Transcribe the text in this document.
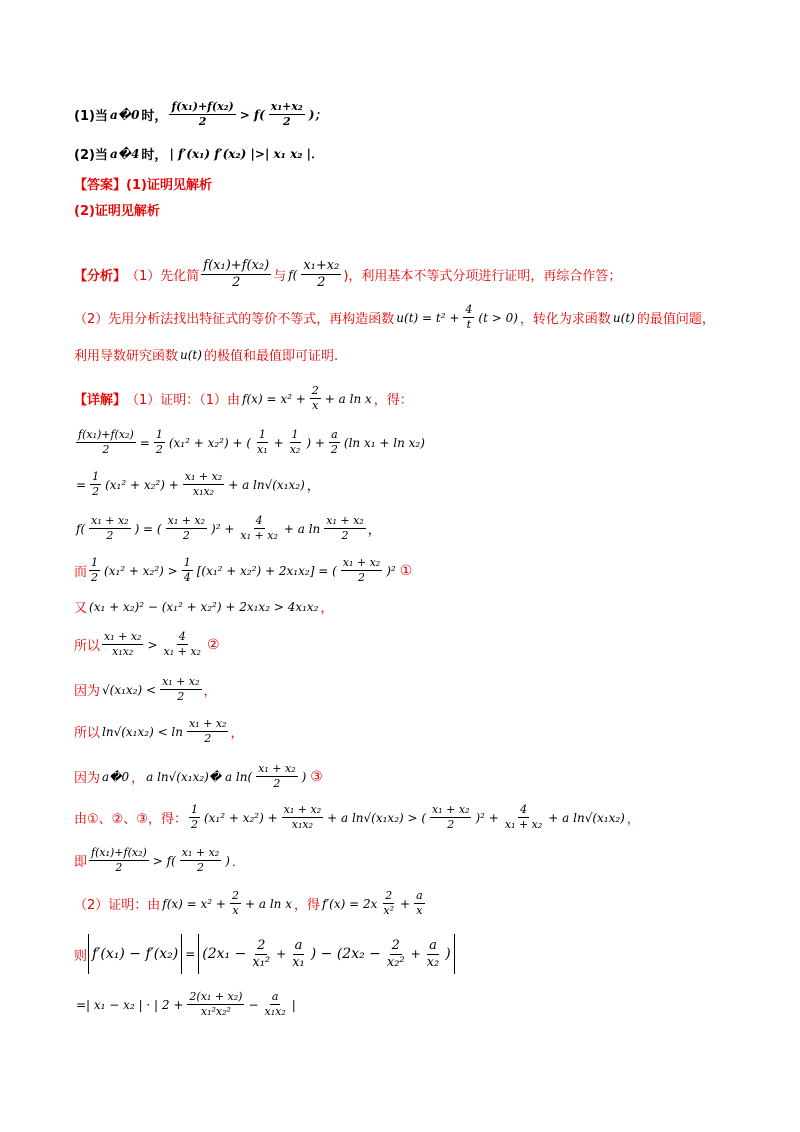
(1)当 a�0 时， $\frac{\text{f(x₁)+f(x₂)}}{2} > f( \frac{\text{x₁+x₂}}{2}$ )；
(2)当 a�4 时， | f′(x₁) f′(x₂) |>| x₁ x₂ |．
【答案】 (1)证明见解析
(2)证明见解析
【分析】 （1）先化简 $\frac{\text{f(x₁)+f(x₂)}}{2}$ 与 $f( \frac{\text{x₁+x₂}}{2}$ )，利用基本不等式分项进行证明，再综合作答；
（2）先用分析法找出特征式的等价不等式，再构造函数 $u(t) = t^2 + \frac{4}{t} (t > 0)$ ，转化为求函数 u(t) 的最值问题，
利用导数研究函数 u(t) 的极值和最值即可证明.
【详解】 （1）证明：（1）由 $f(x) = x^2 + \frac{2}{x} + a$ ln x ，得：
$\frac{\text{f(x₁)+f(x₂)}}{2} = \frac{1}{2} (x_1^2 + x_2^2)$ + ( $\frac{1}{\text{x₁}} + \frac{1}{\text{x₂}}$ ) + $\frac{a}{2} (\ln$ x₁ + ln x₂)
= $\frac{1}{2} (x_1^2 + x_2^2) + \frac{\text{x₁ + x₂}}{\text{x₁x₂}} + a$ ln√(x₁x₂) ，
$f( \frac{\text{x₁ + x₂}}{2}$ ) = ( $\frac{\text{x₁ + x₂}}{2} )^2 + \frac{4}{\text{x₁ + x₂}} + a$ $\ln \frac{\text{x₁ + x₂}}{2}$ ，
而 $\frac{1}{2} (x_1^2 + x_2^2) > \frac{1}{4} [(x_1^2 + x_2^2) + 2x_1x_2]$ = ( $\frac{\text{x₁ + x₂}}{2} )^2$ ①
又 (x₁ + x₂)² − (x₁² + x₂²) + 2x₁x₂ > 4x₁x₂ ，
所以 $\frac{\text{x₁ + x₂}}{\text{x₁x₂}} > \frac{4}{\text{x₁ + x₂}}$ ②
因为 $√(x_1x_2) < \frac{\text{x₁ + x₂}}{2}$ ，
所以 $\ln√(x_1x_2) < \ln \frac{\text{x₁ + x₂}}{2}$ ，
因为 a�0 ， a ln√(x₁x₂)� a $\ln( \frac{\text{x₁ + x₂}}{2}$ ) ③
由①、②、③，得： $\frac{1}{2} (x_1^2 + x_2^2) + \frac{\text{x₁ + x₂}}{\text{x₁x₂}} + a$ ln√(x₁x₂) > ( $\frac{\text{x₁ + x₂}}{2} )^2 + \frac{4}{\text{x₁ + x₂}} + a$ ln√(x₁x₂) ，
即 $\frac{\text{f(x₁)+f(x₂)}}{2} > f( \frac{\text{x₁ + x₂}}{2}$ ) ．
（2）证明：由 $f(x) = x^2 + \frac{2}{x} + a$ ln x ，得 $f'(x) = 2x \frac{2}{\text{x²}} + \frac{a}{x}$
则 $f'(x_1) - f'(x_2) = (2x_1 - \frac{2}{\text{x₁²}} + \frac{a}{\text{x₁}}$ ) − ($2x_2 - \frac{2}{\text{x₂²}} + \frac{a}{\text{x₂}}$ )
=| x₁ − x₂ | · | $2 + \frac{\text{2(x₁ + x₂)}}{\text{x₁²x₂²}} - \frac{a}{\text{x₁x₂}}$ |
